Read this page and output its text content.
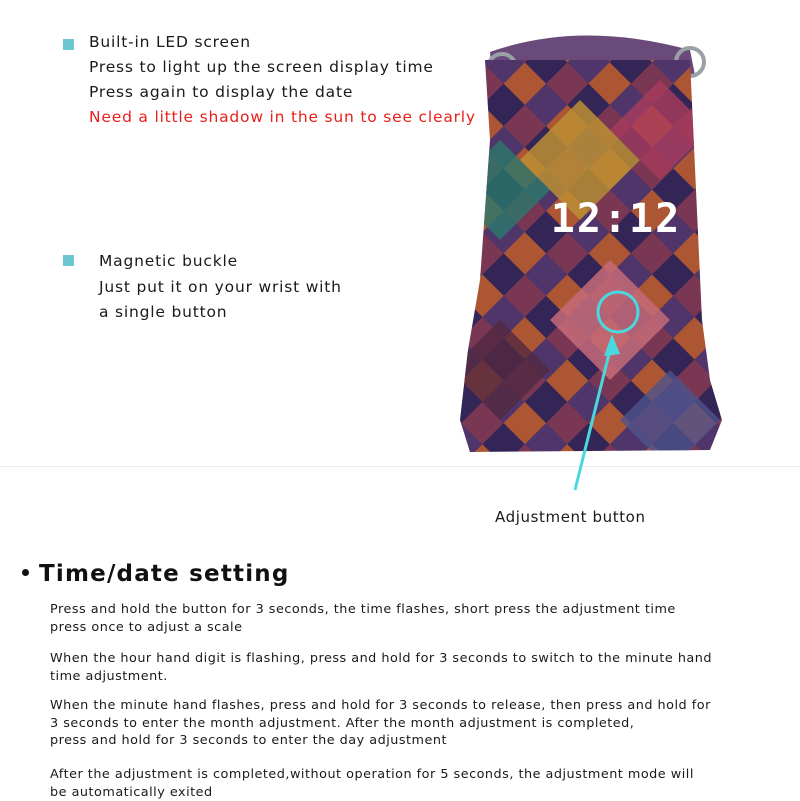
Built-in LED screen
Press to light up the screen display time
Press again to display the date
Need a little shadow in the sun to see clearly
Magnetic buckle
Just put it on your wrist with
a single button
12:12
Adjustment button
Time/date setting
Press and hold the button for 3 seconds, the time flashes, short press the adjustment time
press once to adjust a scale
When the hour hand digit is flashing, press and hold for 3 seconds to switch to the minute hand
time adjustment.
When the minute hand flashes, press and hold for 3 seconds to release, then press and hold for
3 seconds to enter the month adjustment. After the month adjustment is completed,
press and hold for 3 seconds to enter the day adjustment
After the adjustment is completed,without operation for 5 seconds, the adjustment mode will
be automatically exited
